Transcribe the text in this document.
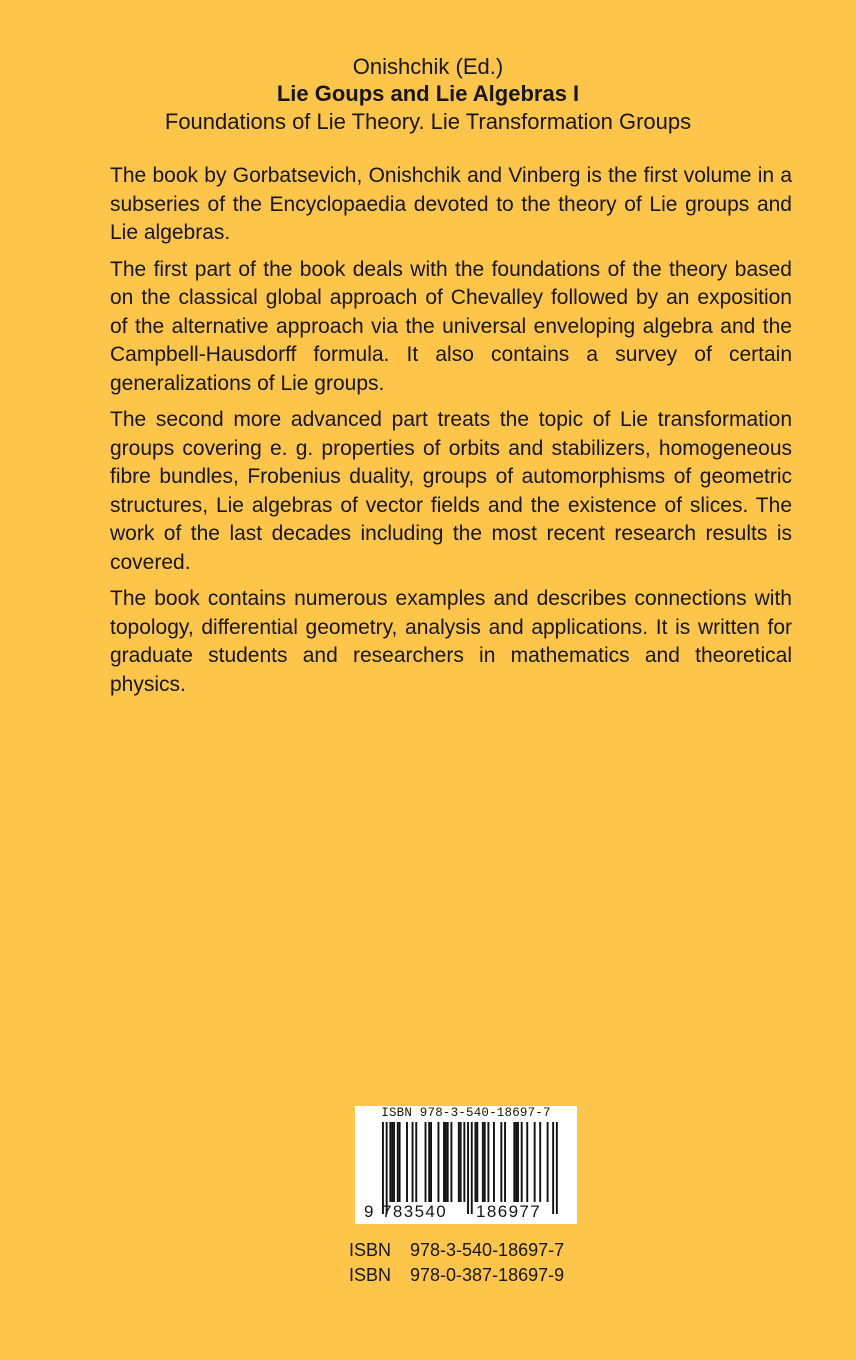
Onishchik (Ed.)
Lie Goups and Lie Algebras I
Foundations of Lie Theory. Lie Transformation Groups

The book by Gorbatsevich, Onishchik and Vinberg is the first volume in a subseries of the Encyclopaedia devoted to the theory of Lie groups and Lie algebras.

The first part of the book deals with the foundations of the theory based on the classical global approach of Chevalley followed by an exposition of the alternative approach via the universal enveloping algebra and the Campbell-Hausdorff formula. It also contains a survey of certain generalizations of Lie groups.

The second more advanced part treats the topic of Lie transformation groups covering e. g. properties of orbits and stabilizers, homogeneous fibre bundles, Frobenius duality, groups of automorphisms of geometric structures, Lie algebras of vector fields and the existence of slices. The work of the last decades including the most recent research results is covered.

The book contains numerous examples and describes connections with topology, differential geometry, analysis and applications. It is written for graduate students and researchers in mathematics and theoretical physics.

ISBN 978-3-540-18697-7
9 783540 186977
ISBN 978-3-540-18697-7
ISBN 978-0-387-18697-9
